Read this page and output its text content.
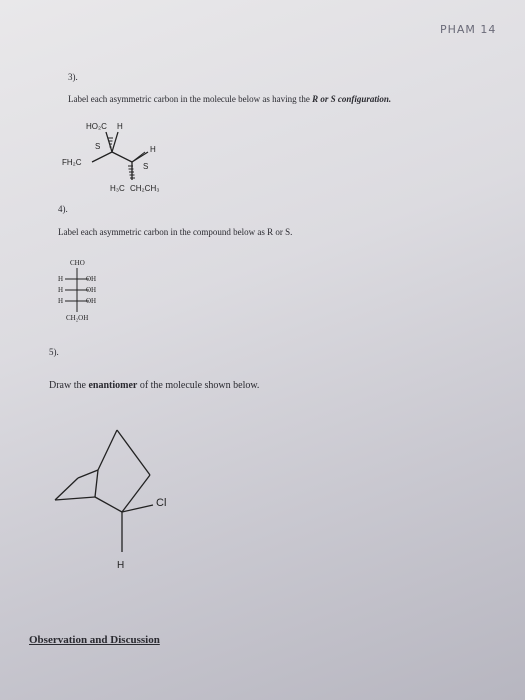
PHAM 14
3).
Label each asymmetric carbon in the molecule below as having the R or S configuration.
HO₂C H
S	H
FH₂C	S
H₃C CH₂CH₃
4).
Label each asymmetric carbon in the compound below as R or S.
CHO
H	OH
H	OH
H	OH
CH₂OH
5).
Draw the enantiomer of the molecule shown below.
Cl
H
Observation and Discussion
